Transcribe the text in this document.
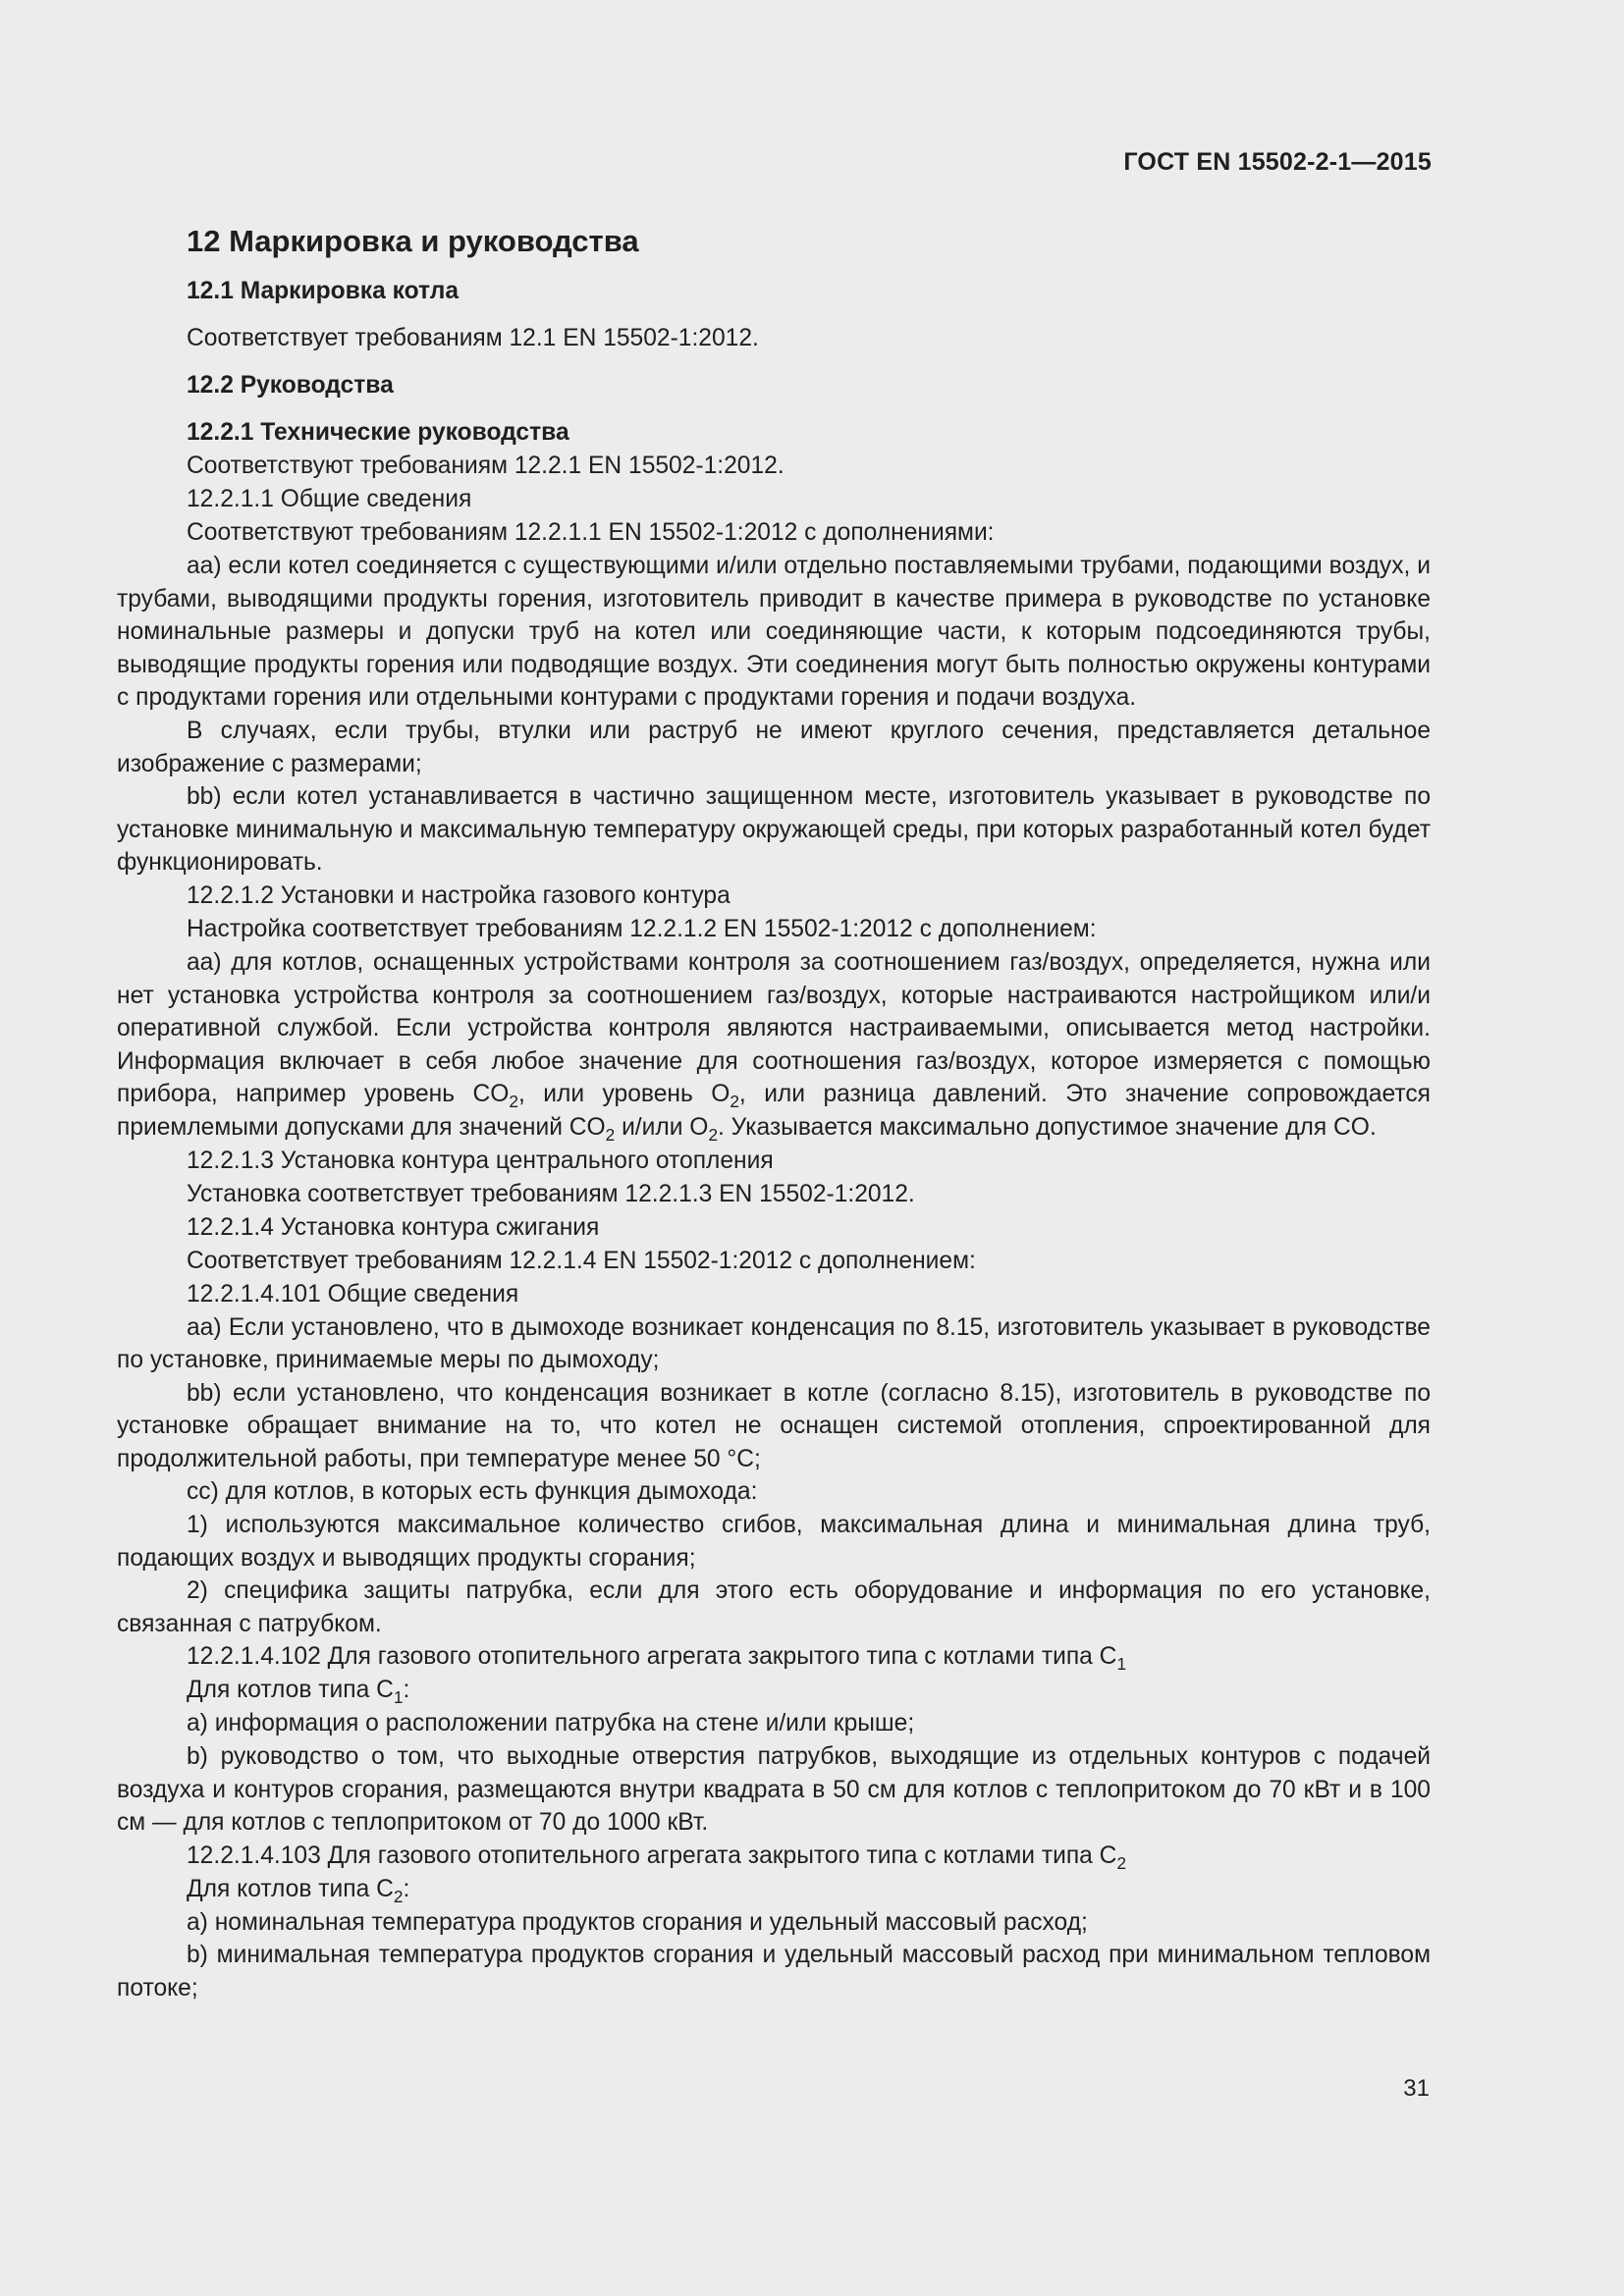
ГОСТ EN 15502-2-1—2015
12 Маркировка и руководства
12.1 Маркировка котла
Соответствует требованиям 12.1 EN 15502-1:2012.
12.2 Руководства
12.2.1 Технические руководства
Соответствуют требованиям 12.2.1 EN 15502-1:2012.
12.2.1.1 Общие сведения
Соответствуют требованиям 12.2.1.1 EN 15502-1:2012 с дополнениями:
аа) если котел соединяется с существующими и/или отдельно поставляемыми трубами, подающими воздух, и трубами, выводящими продукты горения, изготовитель приводит в качестве примера в руководстве по установке номинальные размеры и допуски труб на котел или соединяющие части, к которым подсоединяются трубы, выводящие продукты горения или подводящие воздух. Эти соединения могут быть полностью окружены контурами с продуктами горения или отдельными контурами с продуктами горения и подачи воздуха.
В случаях, если трубы, втулки или раструб не имеют круглого сечения, представляется детальное изображение с размерами;
bb) если котел устанавливается в частично защищенном месте, изготовитель указывает в руководстве по установке минимальную и максимальную температуру окружающей среды, при которых разработанный котел будет функционировать.
12.2.1.2 Установки и настройка газового контура
Настройка соответствует требованиям 12.2.1.2 EN 15502-1:2012 с дополнением:
аа) для котлов, оснащенных устройствами контроля за соотношением газ/воздух, определяется, нужна или нет установка устройства контроля за соотношением газ/воздух, которые настраиваются настройщиком или/и оперативной службой. Если устройства контроля являются настраиваемыми, описывается метод настройки. Информация включает в себя любое значение для соотношения газ/воздух, которое измеряется с помощью прибора, например уровень $CO_2$, или уровень $O_2$, или разница давлений. Это значение сопровождается приемлемыми допусками для значений $CO_2$ и/или $O_2$. Указывается максимально допустимое значение для CO.
12.2.1.3 Установка контура центрального отопления
Установка соответствует требованиям 12.2.1.3 EN 15502-1:2012.
12.2.1.4 Установка контура сжигания
Соответствует требованиям 12.2.1.4 EN 15502-1:2012 с дополнением:
12.2.1.4.101 Общие сведения
аа) Если установлено, что в дымоходе возникает конденсация по 8.15, изготовитель указывает в руководстве по установке, принимаемые меры по дымоходу;
bb) если установлено, что конденсация возникает в котле (согласно 8.15), изготовитель в руководстве по установке обращает внимание на то, что котел не оснащен системой отопления, спроектированной для продолжительной работы, при температуре менее 50 °С;
сс) для котлов, в которых есть функция дымохода:
1) используются максимальное количество сгибов, максимальная длина и минимальная длина труб, подающих воздух и выводящих продукты сгорания;
2) специфика защиты патрубка, если для этого есть оборудование и информация по его установке, связанная с патрубком.
12.2.1.4.102 Для газового отопительного агрегата закрытого типа с котлами типа $C_1$
Для котлов типа $C_1$:
а) информация о расположении патрубка на стене и/или крыше;
b) руководство о том, что выходные отверстия патрубков, выходящие из отдельных контуров с подачей воздуха и контуров сгорания, размещаются внутри квадрата в 50 см для котлов с теплопритоком до 70 кВт и в 100 см — для котлов с теплопритоком от 70 до 1000 кВт.
12.2.1.4.103 Для газового отопительного агрегата закрытого типа с котлами типа $C_2$
Для котлов типа $C_2$:
а) номинальная температура продуктов сгорания и удельный массовый расход;
b) минимальная температура продуктов сгорания и удельный массовый расход при минимальном тепловом потоке;
31
